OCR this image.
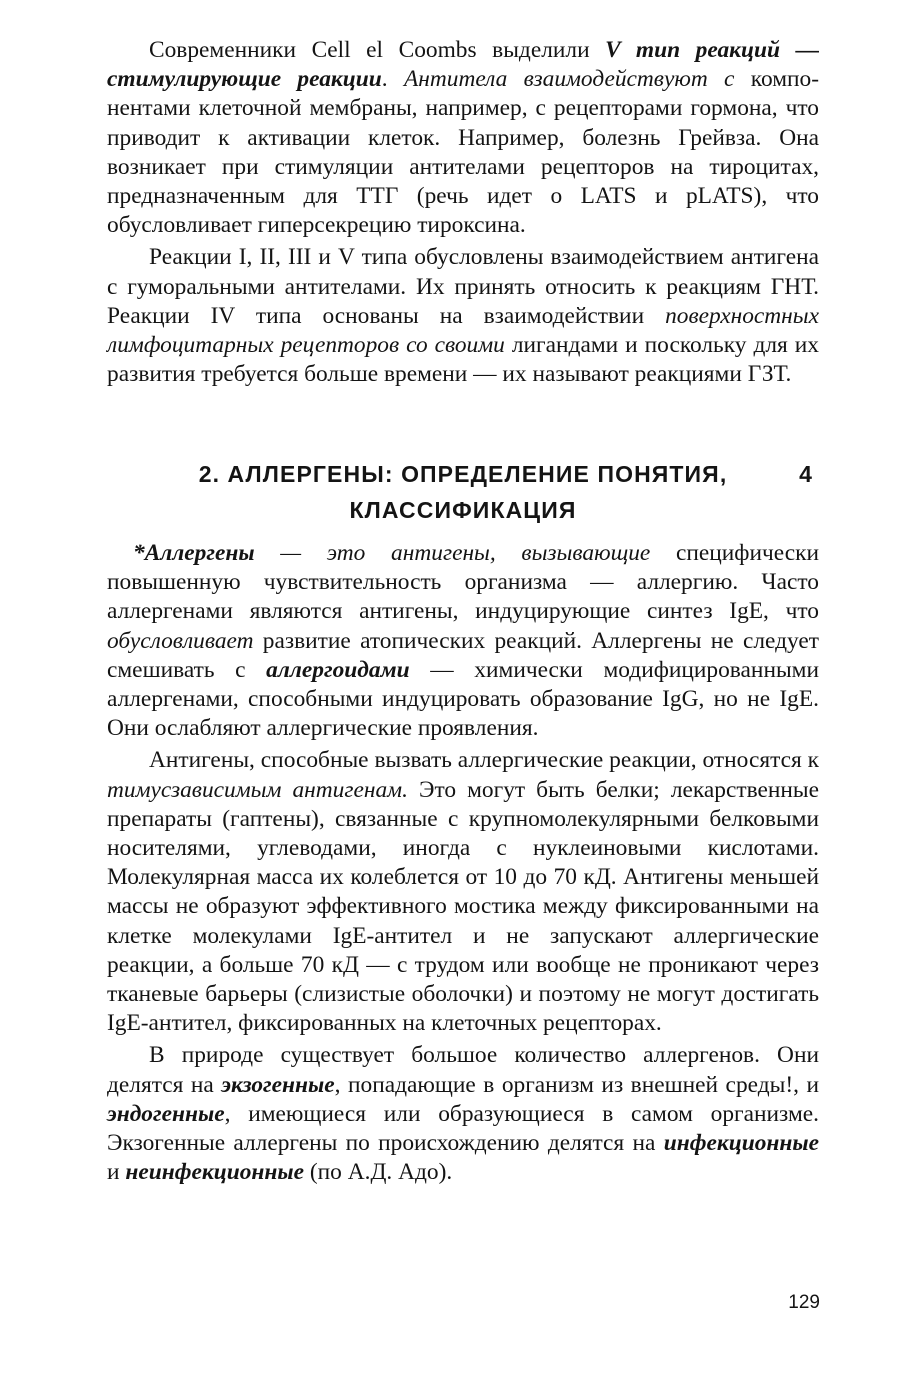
Современники Cell el Coombs выделили V тип реакций — стимулирующие реакции. Антитела взаимодействуют с компонентами клеточной мембраны, например, с рецепторами гормона, что приводит к активации клеток. Например, болезнь Грейвза. Она возникает при стимуляции антителами рецепторов на тироцитах, предназначенным для ТТГ (речь идет о LATS и pLATS), что обусловливает гиперсекрецию тироксина.

Реакции I, II, III и V типа обусловлены взаимодействием антигена с гуморальными антителами. Их принять относить к реакциям ГНТ. Реакции IV типа основаны на взаимодействии поверхностных лимфоцитарных рецепторов со своими лигандами и поскольку для их развития требуется больше времени — их называют реакциями ГЗТ.

2. АЛЛЕРГЕНЫ: ОПРЕДЕЛЕНИЕ ПОНЯТИЯ,	4
КЛАССИФИКАЦИЯ

*Аллергены — это антигены, вызывающие специфически повышенную чувствительность организма — аллергию. Часто аллергенами являются антигены, индуцирующие синтез IgE, что обусловливает развитие атопических реакций. Аллергены не следует смешивать с аллергоидами — химически модифицированными аллергенами, способными индуцировать образование IgG, но не IgE. Они ослабляют аллергические проявления.

Антигены, способные вызвать аллергические реакции, относятся к тимусзависимым антигенам. Это могут быть белки; лекарственные препараты (гаптены), связанные с крупномолекулярными белковыми носителями, углеводами, иногда с нуклеиновыми кислотами. Молекулярная масса их колеблется от 10 до 70 кД. Антигены меньшей массы не образуют эффективного мостика между фиксированными на клетке молекулами IgE-антител и не запускают аллергические реакции, а больше 70 кД — с трудом или вообще не проникают через тканевые барьеры (слизистые оболочки) и поэтому не могут достигать IgE-антител, фиксированных на клеточных рецепторах.

В природе существует большое количество аллергенов. Они делятся на экзогенные, попадающие в организм из внешней среды!, и эндогенные, имеющиеся или образующиеся в самом организме. Экзогенные аллергены по происхождению делятся на инфекционные и неинфекционные (по А.Д. Адо).

129
